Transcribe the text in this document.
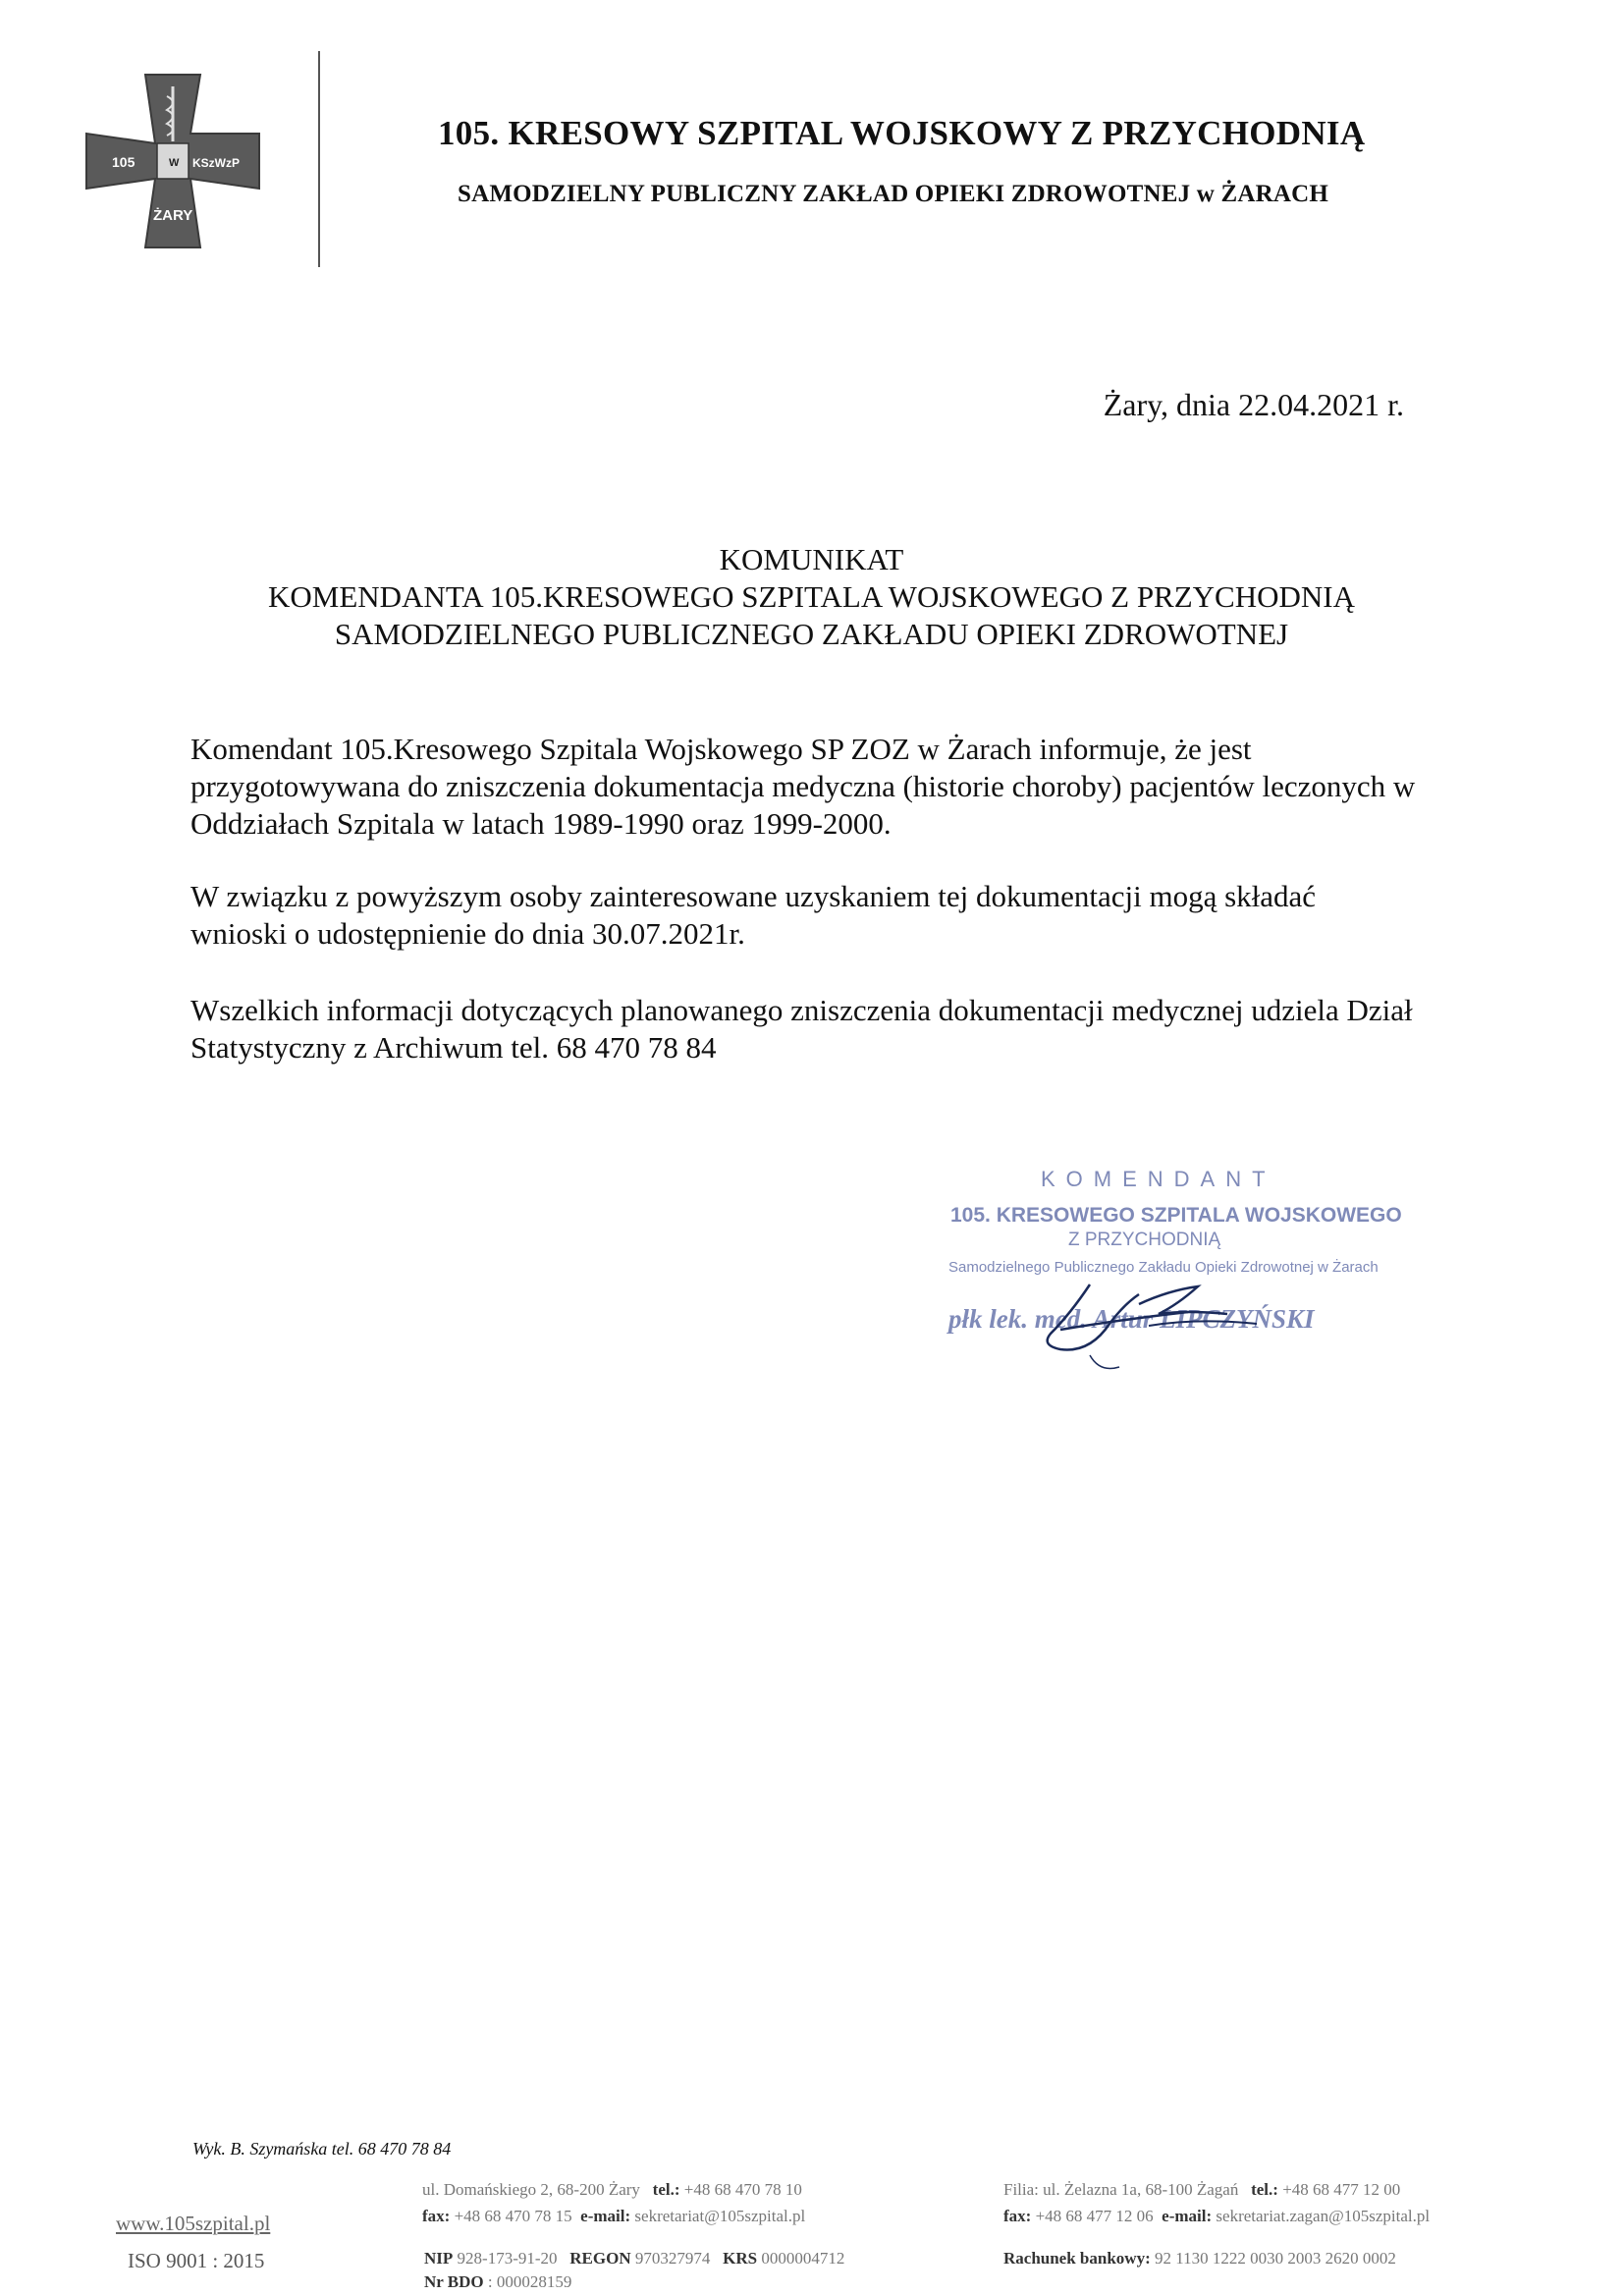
105	W KSzWzP
ŻARY
105. KRESOWY SZPITAL WOJSKOWY Z PRZYCHODNIĄ
SAMODZIELNY PUBLICZNY ZAKŁAD OPIEKI ZDROWOTNEJ w ŻARACH
Żary, dnia 22.04.2021 r.
KOMUNIKAT
KOMENDANTA 105.KRESOWEGO SZPITALA WOJSKOWEGO Z PRZYCHODNIĄ
SAMODZIELNEGO PUBLICZNEGO ZAKŁADU OPIEKI ZDROWOTNEJ
Komendant 105.Kresowego Szpitala Wojskowego SP ZOZ w Żarach informuje, że jest przygotowywana do zniszczenia dokumentacja medyczna (historie choroby) pacjentów leczonych w Oddziałach Szpitala w latach 1989-1990 oraz 1999-2000.
W związku z powyższym osoby zainteresowane uzyskaniem tej dokumentacji mogą składać wnioski o udostępnienie do dnia 30.07.2021r.
Wszelkich informacji dotyczących planowanego zniszczenia dokumentacji medycznej udziela Dział Statystyczny z Archiwum tel. 68 470 78 84
KOMENDANT
105. KRESOWEGO SZPITALA WOJSKOWEGO
Z PRZYCHODNIĄ
Samodzielnego Publicznego Zakładu Opieki Zdrowotnej w Żarach
płk lek. med. Artur LIPCZYŃSKI
Wyk. B. Szymańska tel. 68 470 78 84
www.105szpital.pl
ISO 9001 : 2015
ul. Domańskiego 2, 68-200 Żary tel.: +48 68 470 78 10
fax: +48 68 470 78 15 e-mail: sekretariat@105szpital.pl
Filia: ul. Żelazna 1a, 68-100 Żagań tel.: +48 68 477 12 00
fax: +48 68 477 12 06 e-mail: sekretariat.zagan@105szpital.pl
NIP 928-173-91-20 REGON 970327974 KRS 0000004712	Rachunek bankowy: 92 1130 1222 0030 2003 2620 0002
Nr BDO : 000028159
